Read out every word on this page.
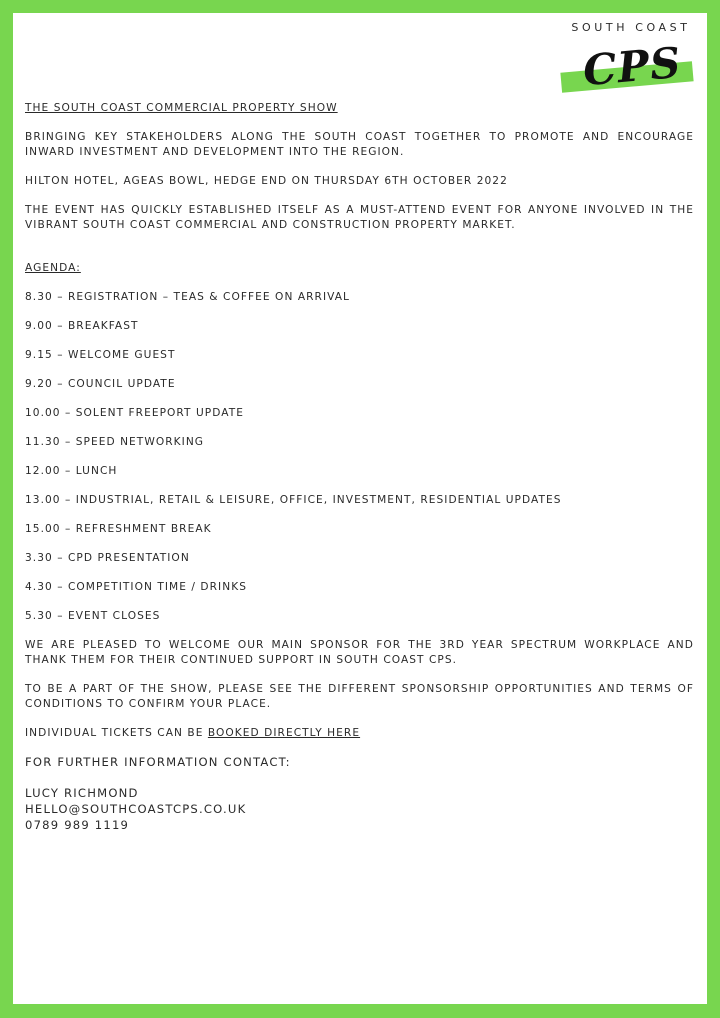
SOUTH COAST
CPS

THE SOUTH COAST COMMERCIAL PROPERTY SHOW

BRINGING KEY STAKEHOLDERS ALONG THE SOUTH COAST TOGETHER TO PROMOTE AND ENCOURAGE INWARD INVESTMENT AND DEVELOPMENT INTO THE REGION.

HILTON HOTEL, AGEAS BOWL, HEDGE END ON THURSDAY 6TH OCTOBER 2022

THE EVENT HAS QUICKLY ESTABLISHED ITSELF AS A MUST-ATTEND EVENT FOR ANYONE INVOLVED IN THE VIBRANT SOUTH COAST COMMERCIAL AND CONSTRUCTION PROPERTY MARKET.

AGENDA:

8.30 – REGISTRATION – TEAS & COFFEE ON ARRIVAL
9.00 – BREAKFAST
9.15 – WELCOME GUEST
9.20 – COUNCIL UPDATE
10.00 – SOLENT FREEPORT UPDATE
11.30 – SPEED NETWORKING
12.00 – LUNCH
13.00 – INDUSTRIAL, RETAIL & LEISURE, OFFICE, INVESTMENT, RESIDENTIAL UPDATES
15.00 – REFRESHMENT BREAK
3.30 – CPD PRESENTATION
4.30 – COMPETITION TIME / DRINKS
5.30 – EVENT CLOSES

WE ARE PLEASED TO WELCOME OUR MAIN SPONSOR FOR THE 3RD YEAR SPECTRUM WORKPLACE AND THANK THEM FOR THEIR CONTINUED SUPPORT IN SOUTH COAST CPS.

TO BE A PART OF THE SHOW, PLEASE SEE THE DIFFERENT SPONSORSHIP OPPORTUNITIES AND TERMS OF CONDITIONS TO CONFIRM YOUR PLACE.

INDIVIDUAL TICKETS CAN BE BOOKED DIRECTLY HERE

FOR FURTHER INFORMATION CONTACT:

LUCY RICHMOND

HELLO@SOUTHCOASTCPS.CO.UK

0789 989 1119
